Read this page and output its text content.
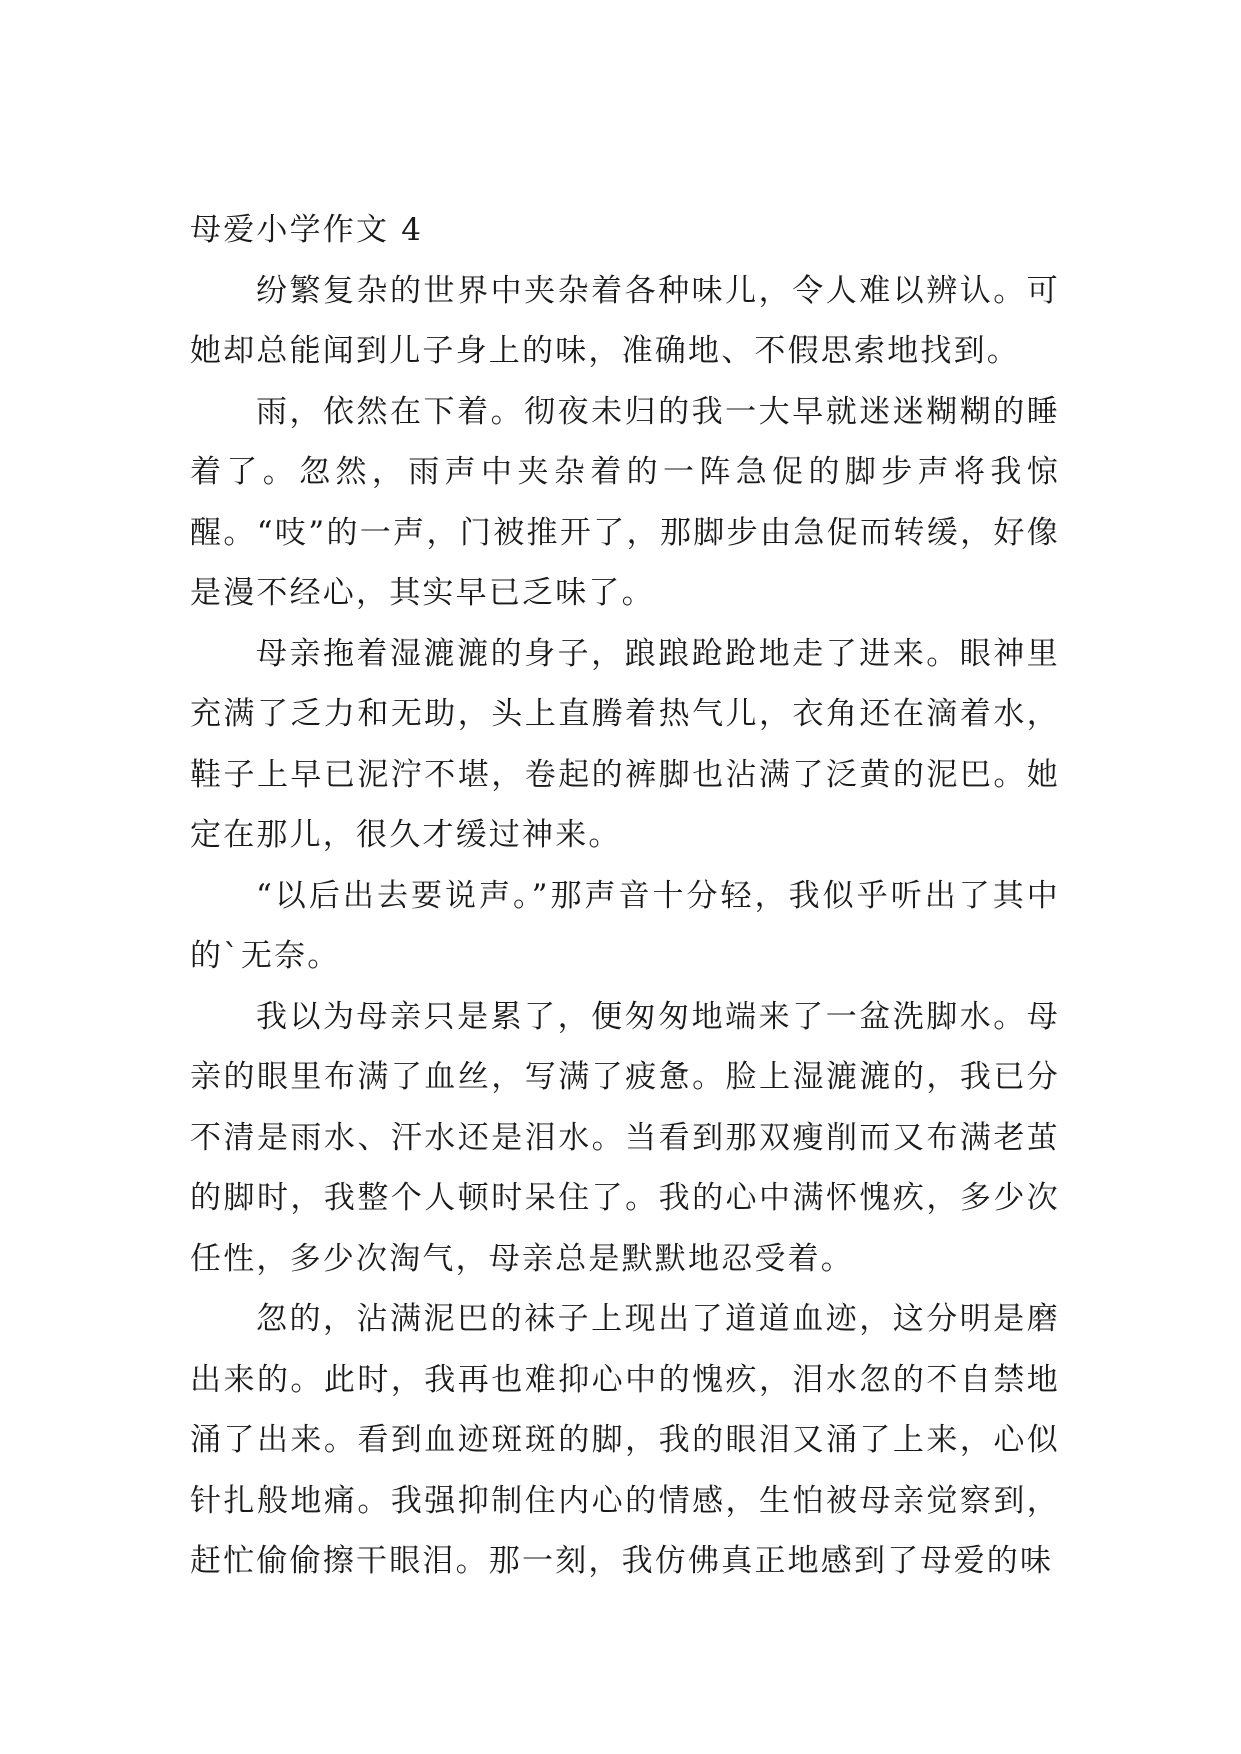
母爱小学作文 4

纷繁复杂的世界中夹杂着各种味儿，令人难以辨认。可她却总能闻到儿子身上的味，准确地、不假思索地找到。

雨，依然在下着。彻夜未归的我一大早就迷迷糊糊的睡着了。忽然，雨声中夹杂着的一阵急促的脚步声将我惊醒。“吱”的一声，门被推开了，那脚步由急促而转缓，好像是漫不经心，其实早已乏味了。

母亲拖着湿漉漉的身子，踉踉跄跄地走了进来。眼神里充满了乏力和无助，头上直腾着热气儿，衣角还在滴着水，鞋子上早已泥泞不堪，卷起的裤脚也沾满了泛黄的泥巴。她定在那儿，很久才缓过神来。

“以后出去要说声。”那声音十分轻，我似乎听出了其中的`无奈。

我以为母亲只是累了，便匆匆地端来了一盆洗脚水。母亲的眼里布满了血丝，写满了疲惫。脸上湿漉漉的，我已分不清是雨水、汗水还是泪水。当看到那双瘦削而又布满老茧的脚时，我整个人顿时呆住了。我的心中满怀愧疚，多少次任性，多少次淘气，母亲总是默默地忍受着。

忽的，沾满泥巴的袜子上现出了道道血迹，这分明是磨出来的。此时，我再也难抑心中的愧疚，泪水忽的不自禁地涌了出来。看到血迹斑斑的脚，我的眼泪又涌了上来，心似针扎般地痛。我强抑制住内心的情感，生怕被母亲觉察到，赶忙偷偷擦干眼泪。那一刻，我仿佛真正地感到了母爱的味
